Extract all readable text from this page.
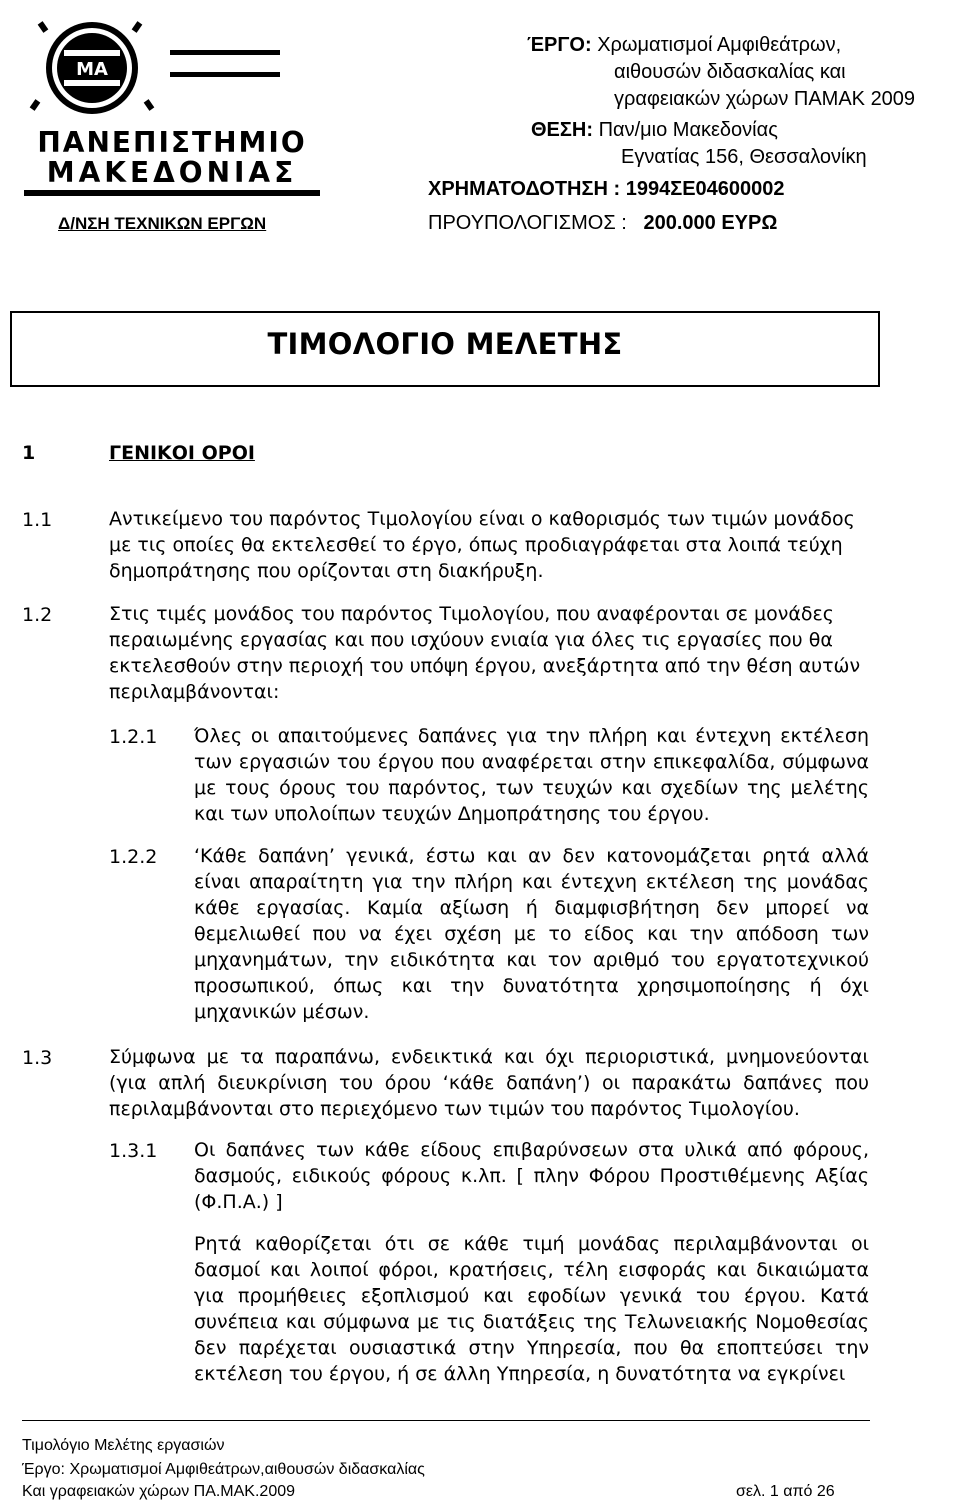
ΜΑ
ΠΑΝΕΠΙΣΤΗΜΙΟ
ΜΑΚΕΔΟΝΙΑΣ
Δ/ΝΣΗ ΤΕΧΝΙΚΩΝ ΕΡΓΩΝ
ΈΡΓΟ: Χρωματισμοί Αμφιθεάτρων,
αιθουσών διδασκαλίας και
γραφειακών χώρων ΠΑΜΑΚ 2009
ΘΕΣΗ: Παν/μιο Μακεδονίας
Εγνατίας 156, Θεσσαλονίκη
ΧΡΗΜΑΤΟΔΟΤΗΣΗ : 1994ΣΕ04600002
ΠΡΟΥΠΟΛΟΓΙΣΜΟΣ : 200.000 ΕΥΡΩ
ΤΙΜΟΛΟΓΙΟ ΜΕΛΕΤΗΣ
1	ΓΕΝΙΚΟΙ ΟΡΟΙ
1.1	Αντικείμενο του παρόντος Τιμολογίου είναι ο καθορισμός των τιμών μονάδος με τις οποίες θα εκτελεσθεί το έργο, όπως προδιαγράφεται στα λοιπά τεύχη δημοπράτησης που ορίζονται στη διακήρυξη.
1.2	Στις τιμές μονάδος του παρόντος Τιμολογίου, που αναφέρονται σε μονάδες περαιωμένης εργασίας και που ισχύουν ενιαία για όλες τις εργασίες που θα εκτελεσθούν στην περιοχή του υπόψη έργου, ανεξάρτητα από την θέση αυτών περιλαμβάνονται:
1.2.1 Όλες οι απαιτούμενες δαπάνες για την πλήρη και έντεχνη εκτέλεση των εργασιών του έργου που αναφέρεται στην επικεφαλίδα, σύμφωνα με τους όρους του παρόντος, των τευχών και σχεδίων της μελέτης και των υπολοίπων τευχών Δημοπράτησης του έργου.
1.2.2 ‘Κάθε δαπάνη’ γενικά, έστω και αν δεν κατονομάζεται ρητά αλλά είναι απαραίτητη για την πλήρη και έντεχνη εκτέλεση της μονάδας κάθε εργασίας. Καμία αξίωση ή διαμφισβήτηση δεν μπορεί να θεμελιωθεί που να έχει σχέση με το είδος και την απόδοση των μηχανημάτων, την ειδικότητα και τον αριθμό του εργατοτεχνικού προσωπικού, όπως και την δυνατότητα χρησιμοποίησης ή όχι μηχανικών μέσων.
1.3	Σύμφωνα με τα παραπάνω, ενδεικτικά και όχι περιοριστικά, μνημονεύονται (για απλή διευκρίνιση του όρου ‘κάθε δαπάνη’) οι παρακάτω δαπάνες που περιλαμβάνονται στο περιεχόμενο των τιμών του παρόντος Τιμολογίου.
1.3.1 Οι δαπάνες των κάθε είδους επιβαρύνσεων στα υλικά από φόρους, δασμούς, ειδικούς φόρους κ.λπ. [ πλην Φόρου Προστιθέμενης Αξίας (Φ.Π.Α.) ]
Ρητά καθορίζεται ότι σε κάθε τιμή μονάδας περιλαμβάνονται οι δασμοί και λοιποί φόροι, κρατήσεις, τέλη εισφοράς και δικαιώματα για προμήθειες εξοπλισμού και εφοδίων γενικά του έργου. Κατά συνέπεια και σύμφωνα με τις διατάξεις της Τελωνειακής Νομοθεσίας δεν παρέχεται ουσιαστικά στην Υπηρεσία, που θα εποπτεύσει την εκτέλεση του έργου, ή σε άλλη Υπηρεσία, η δυνατότητα να εγκρίνει
Τιμολόγιο Μελέτης εργασιών
Έργο: Χρωματισμοί Αμφιθεάτρων,αιθουσών διδασκαλίας
Και γραφειακών χώρων ΠΑ.ΜΑΚ.2009	σελ. 1 από 26
